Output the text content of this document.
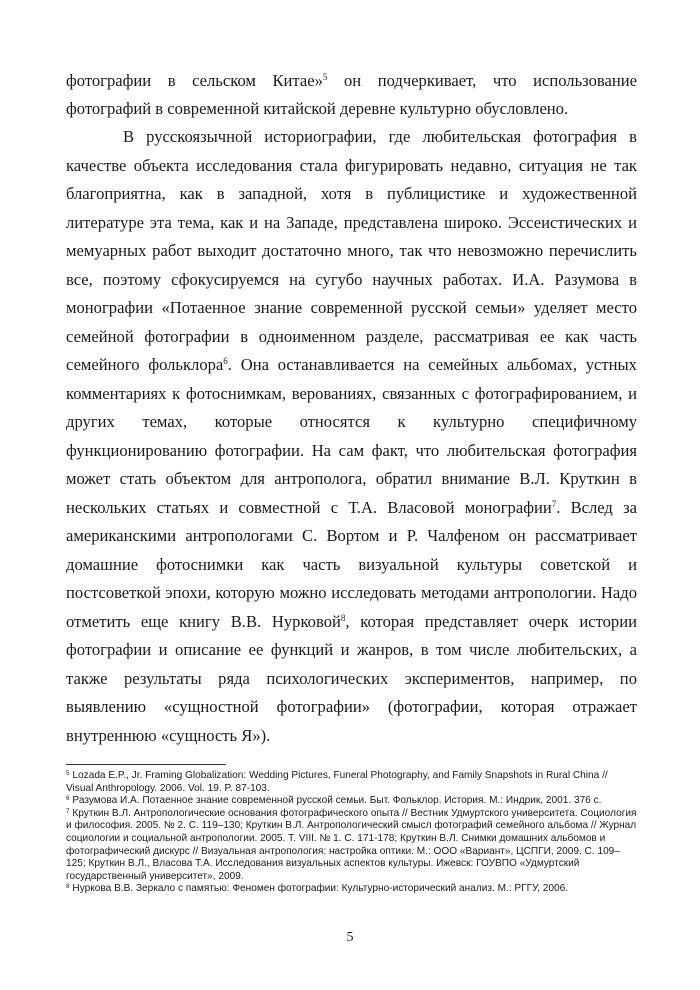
фотографии в сельском Китае»$^5$ он подчеркивает, что использование фотографий в современной китайской деревне культурно обусловлено.

В русскоязычной историографии, где любительская фотография в качестве объекта исследования стала фигурировать недавно, ситуация не так благоприятна, как в западной, хотя в публицистике и художественной литературе эта тема, как и на Западе, представлена широко. Эссеистических и мемуарных работ выходит достаточно много, так что невозможно перечислить все, поэтому сфокусируемся на сугубо научных работах. И.А. Разумова в монографии «Потаенное знание современной русской семьи» уделяет место семейной фотографии в одноименном разделе, рассматривая ее как часть семейного фольклора$^6$. Она останавливается на семейных альбомах, устных комментариях к фотоснимкам, верованиях, связанных с фотографированием, и других темах, которые относятся к культурно специфичному функционированию фотографии. На сам факт, что любительская фотография может стать объектом для антрополога, обратил внимание В.Л. Круткин в нескольких статьях и совместной с Т.А. Власовой монографии$^7$. Вслед за американскими антропологами С. Вортом и Р. Чалфеном он рассматривает домашние фотоснимки как часть визуальной культуры советской и постсоветкой эпохи, которую можно исследовать методами антропологии. Надо отметить еще книгу В.В. Нурковой$^8$, которая представляет очерк истории фотографии и описание ее функций и жанров, в том числе любительских, а также результаты ряда психологических экспериментов, например, по выявлению «сущностной фотографии» (фотографии, которая отражает внутреннюю «сущность Я»).

$^5$ Lozada E.P., Jr. Framing Globalization: Wedding Pictures, Funeral Photography, and Family Snapshots in Rural China // Visual Anthropology. 2006. Vol. 19. P. 87-103.

$^6$ Разумова И.А. Потаенное знание современной русской семьи. Быт. Фольклор. История. М.: Индрик, 2001. 376 с.

$^7$ Круткин В.Л. Антропологические основания фотографического опыта // Вестник Удмуртского университета. Социология и философия. 2005. № 2. С. 119–130; Круткин В.Л. Антропологический смысл фотографий семейного альбома // Журнал социологии и социальной антропологии. 2005. Т. VIII. № 1. С. 171-178; Круткин В.Л. Снимки домашних альбомов и фотографический дискурс // Визуальная антропология: настройка оптики. М.: ООО «Вариант», ЦСПГИ, 2009. С. 109–125; Круткин В.Л., Власова Т.А. Исследования визуальных аспектов культуры. Ижевск: ГОУВПО «Удмуртский государственный университет», 2009.

$^8$ Нуркова В.В. Зеркало с памятью: Феномен фотографии: Культурно-исторический анализ. М.: РГГУ, 2006.

5
